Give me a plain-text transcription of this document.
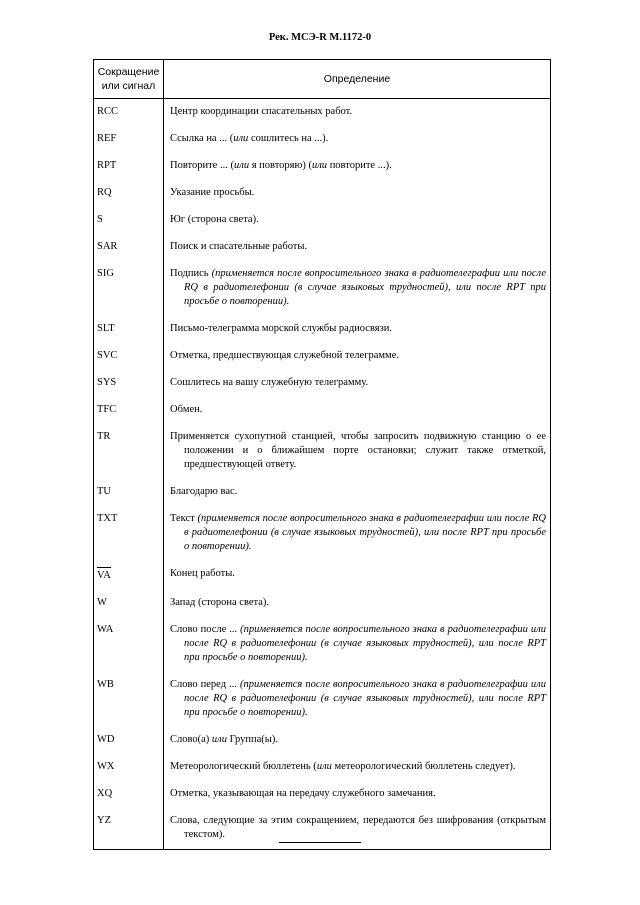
Рек. МСЭ-R M.1172-0
Сокращение или сигнал	Определение
RCC	Центр координации спасательных работ.

REF	Ссылка на ... (или сошлитесь на ...).

RPT	Повторите ... (или я повторяю) (или повторите ...).

RQ	Указание просьбы.

S	Юг (сторона света).

SAR	Поиск и спасательные работы.

SIG	Подпись (применяется после вопросительного знака в радиотелеграфии или после RQ в радиотелефонии (в случае языковых трудностей), или после RPT при просьбе о повторении).

SLT	Письмо-телеграмма морской службы радиосвязи.

SVC	Отметка, предшествующая служебной телеграмме.

SYS	Сошлитесь на вашу служебную телеграмму.

TFC	Обмен.

TR	Применяется сухопутной станцией, чтобы запросить подвижную станцию о ее положении и о ближайшем порте остановки; служит также отметкой, предшествующей ответу.

TU	Благодарю вас.

TXT	Текст (применяется после вопросительного знака в радиотелеграфии или после RQ в радиотелефонии (в случае языковых трудностей), или после RPT при просьбе о повторении).

VA	Конец работы.

W	Запад (сторона света).

WA	Слово после ... (применяется после вопросительного знака в радиотелеграфии или после RQ в радиотелефонии (в случае языковых трудностей), или после RPT при просьбе о повторении).

WB	Слово перед ... (применяется после вопросительного знака в радиотелеграфии или после RQ в радиотелефонии (в случае языковых трудностей), или после RPT при просьбе о повторении).

WD	Слово(а) или Группа(ы).

WX	Метеорологический бюллетень (или метеорологический бюллетень следует).

XQ	Отметка, указывающая на передачу служебного замечания.

YZ	Слова, следующие за этим сокращением, передаются без шифрования (открытым текстом).
